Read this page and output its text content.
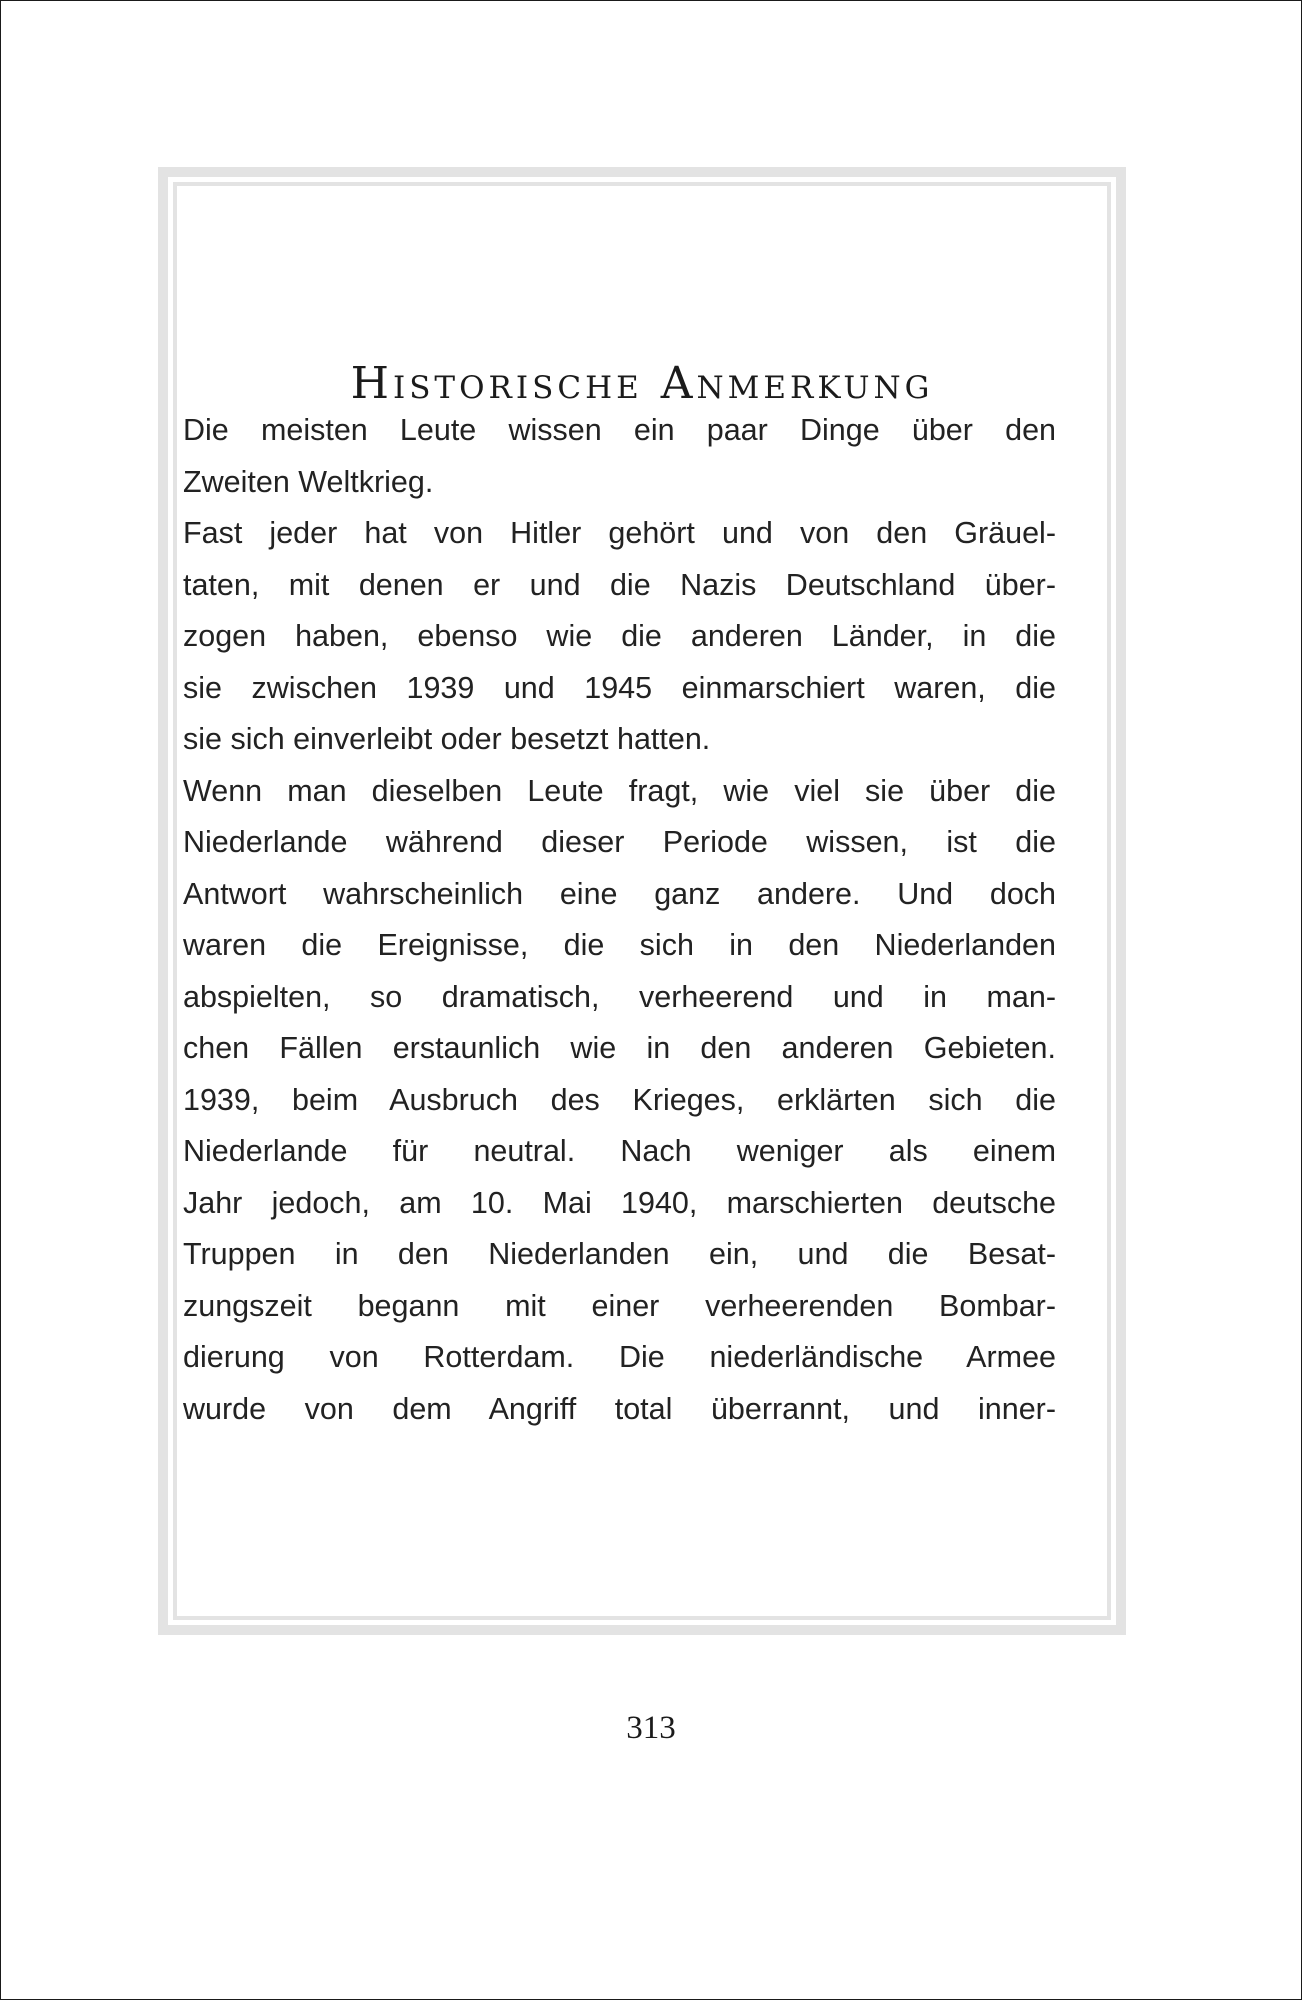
Historische Anmerkung
Die meisten Leute wissen ein paar Dinge über den
Zweiten Weltkrieg.
Fast jeder hat von Hitler gehört und von den Gräuel-
taten, mit denen er und die Nazis Deutschland über-
zogen haben, ebenso wie die anderen Länder, in die
sie zwischen 1939 und 1945 einmarschiert waren, die
sie sich einverleibt oder besetzt hatten.
Wenn man dieselben Leute fragt, wie viel sie über die
Niederlande während dieser Periode wissen, ist die
Antwort wahrscheinlich eine ganz andere. Und doch
waren die Ereignisse, die sich in den Niederlanden
abspielten, so dramatisch, verheerend und in man-
chen Fällen erstaunlich wie in den anderen Gebieten.
1939, beim Ausbruch des Krieges, erklärten sich die
Niederlande für neutral. Nach weniger als einem
Jahr jedoch, am 10. Mai 1940, marschierten deutsche
Truppen in den Niederlanden ein, und die Besat-
zungszeit begann mit einer verheerenden Bombar-
dierung von Rotterdam. Die niederländische Armee
wurde von dem Angriff total überrannt, und inner-
313
